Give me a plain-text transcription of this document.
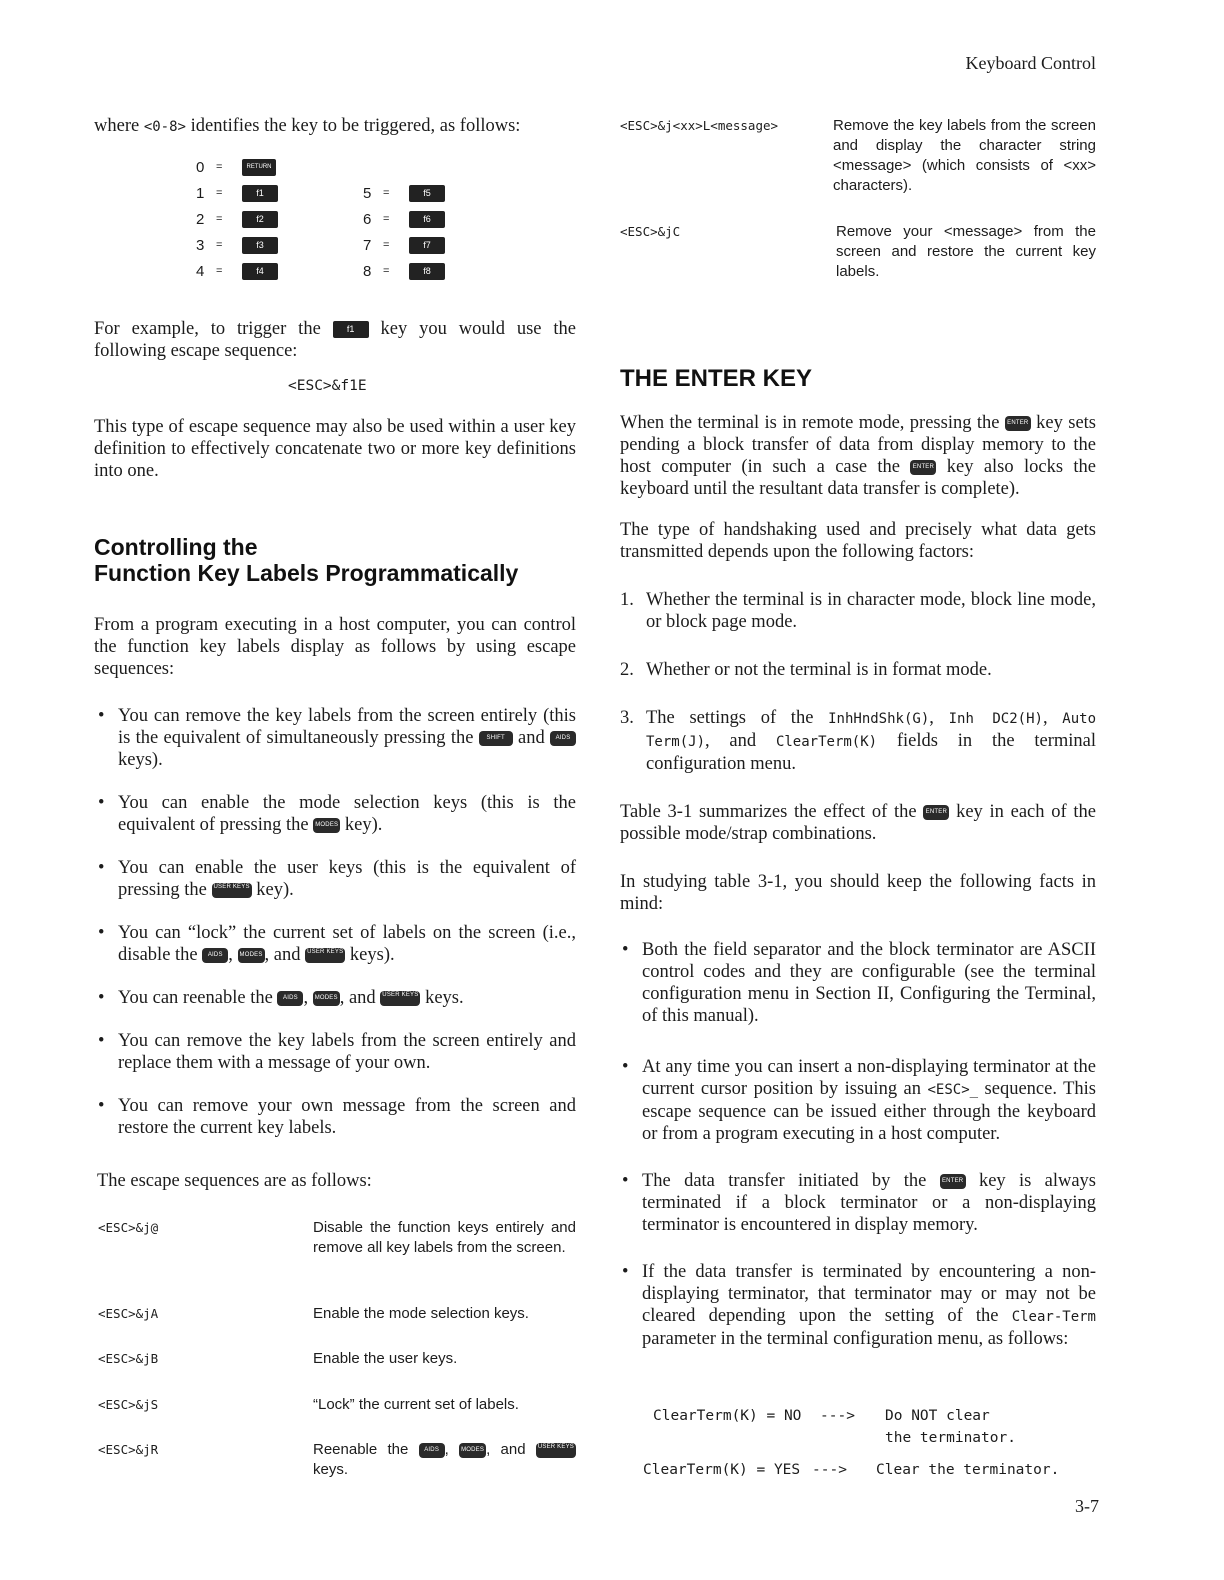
Keyboard Control
where <0-8> identifies the key to be triggered, as follows:
0	=	RETURN
1	=	f1
2	=	f2
3	=	f3
4	=	f4
5	=	f5
6	=	f6
7	=	f7
8	=	f8
For example, to trigger the f1 key you would use the following escape sequence:
<ESC>&f1E
This type of escape sequence may also be used within a user key definition to effectively concatenate two or more key definitions into one.
Controlling the
Function Key Labels Programmatically
From a program executing in a host computer, you can control the function key labels display as follows by using escape sequences:
• You can remove the key labels from the screen entirely (this is the equivalent of simultaneously pressing the SHIFT and AIDS keys).
• You can enable the mode selection keys (this is the equivalent of pressing the MODES key).
• You can enable the user keys (this is the equivalent of pressing the USER KEYS key).
• You can “lock” the current set of labels on the screen (i.e., disable the AIDS , MODES , and USER KEYS keys).
• You can reenable the AIDS , MODES , and USER KEYS keys.
• You can remove the key labels from the screen entirely and replace them with a message of your own.
• You can remove your own message from the screen and restore the current key labels.
The escape sequences are as follows:
<ESC>&j@	Disable the function keys entirely and remove all key labels from the screen.
<ESC>&jA	Enable the mode selection keys.
<ESC>&jB	Enable the user keys.
<ESC>&jS	“Lock” the current set of labels.
<ESC>&jR	Reenable the AIDS , MODES , and USER KEYS keys.
<ESC>&j<xx>L<message>	Remove the key labels from the screen and display the character string <message> (which consists of <xx> characters).
<ESC>&jC	Remove your <message> from the screen and restore the current key labels.
THE ENTER KEY
When the terminal is in remote mode, pressing the ENTER key sets pending a block transfer of data from display memory to the host computer (in such a case the ENTER key also locks the keyboard until the resultant data transfer is complete).
The type of handshaking used and precisely what data gets transmitted depends upon the following factors:
1. Whether the terminal is in character mode, block line mode, or block page mode.
2. Whether or not the terminal is in format mode.
3. The settings of the InhHndShk(G), Inh DC2(H), Auto Term(J), and ClearTerm(K) fields in the terminal configuration menu.
Table 3-1 summarizes the effect of the ENTER key in each of the possible mode/strap combinations.
In studying table 3-1, you should keep the following facts in mind:
• Both the field separator and the block terminator are ASCII control codes and they are configurable (see the terminal configuration menu in Section II, Configuring the Terminal, of this manual).
• At any time you can insert a non-displaying terminator at the current cursor position by issuing an <ESC>_ sequence. This escape sequence can be issued either through the keyboard or from a program executing in a host computer.
• The data transfer initiated by the ENTER key is always terminated if a block terminator or a non-displaying terminator is encountered in display memory.
• If the data transfer is terminated by encountering a non-displaying terminator, that terminator may or may not be cleared depending upon the setting of the Clear-Term parameter in the terminal configuration menu, as follows:
ClearTerm(K) = NO ---> Do NOT clear
the terminator.
ClearTerm(K) = YES ---> Clear the terminator.
3-7
